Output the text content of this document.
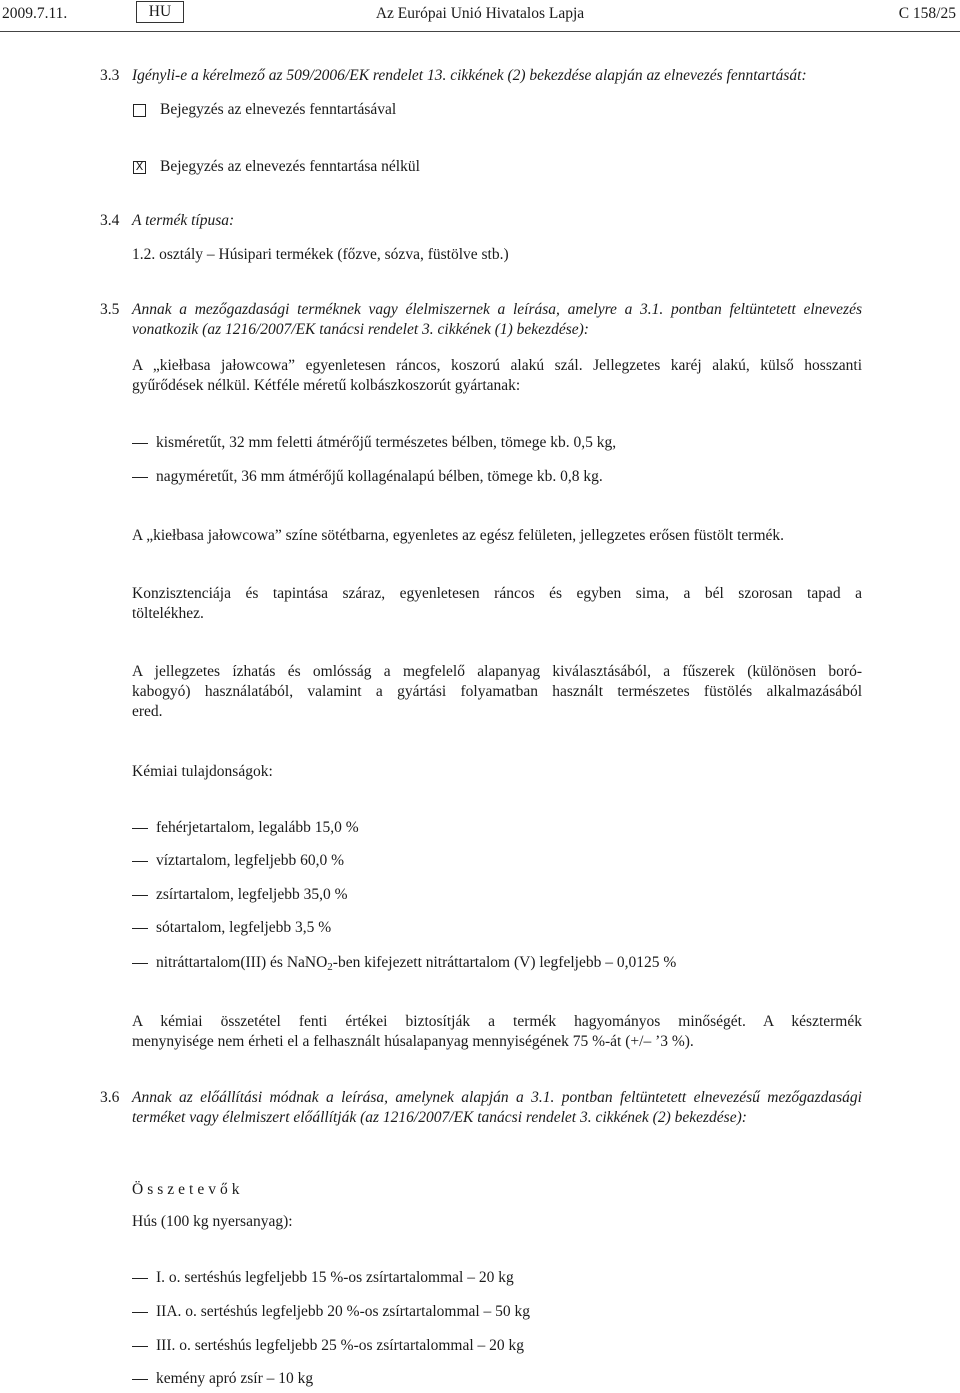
2009.7.11.	HU	Az Európai Unió Hivatalos Lapja	C 158/25
3.3 Igényli-e a kérelmező az 509/2006/EK rendelet 13. cikkének (2) bekezdése alapján az elnevezés fenntartását:
Bejegyzés az elnevezés fenntartásával
X Bejegyzés az elnevezés fenntartása nélkül
3.4 A termék típusa:
1.2. osztály – Húsipari termékek (főzve, sózva, füstölve stb.)
3.5 Annak a mezőgazdasági terméknek vagy élelmiszernek a leírása, amelyre a 3.1. pontban feltüntetett elnevezés
vonatkozik (az 1216/2007/EK tanácsi rendelet 3. cikkének (1) bekezdése):
A „kiełbasa jałowcowa” egyenletesen ráncos, koszorú alakú szál. Jellegzetes karéj alakú, külső hosszanti
gyűrődések nélkül. Kétféle méretű kolbászkoszorút gyártanak:
kisméretűt, 32 mm feletti átmérőjű természetes bélben, tömege kb. 0,5 kg,
nagyméretűt, 36 mm átmérőjű kollagénalapú bélben, tömege kb. 0,8 kg.
A „kiełbasa jałowcowa” színe sötétbarna, egyenletes az egész felületen, jellegzetes erősen füstölt termék.
Konzisztenciája és tapintása száraz, egyenletesen ráncos és egyben sima, a bél szorosan tapad a
töltelékhez.
A jellegzetes ízhatás és omlósság a megfelelő alapanyag kiválasztásából, a fűszerek (különösen boró-
kabogyó) használatából, valamint a gyártási folyamatban használt természetes füstölés alkalmazásából
ered.
Kémiai tulajdonságok:
fehérjetartalom, legalább 15,0 %
víztartalom, legfeljebb 60,0 %
zsírtartalom, legfeljebb 35,0 %
sótartalom, legfeljebb 3,5 %
nitráttartalom(III) és NaNO$_2$-ben kifejezett nitráttartalom (V) legfeljebb – 0,0125 %
A kémiai összetétel fenti értékei biztosítják a termék hagyományos minőségét. A késztermék
menynyisége nem érheti el a felhasznált húsalapanyag mennyiségének 75 %-át (+/– ’3 %).
3.6 Annak az előállítási módnak a leírása, amelynek alapján a 3.1. pontban feltüntetett elnevezésű mezőgazdasági
terméket vagy élelmiszert előállítják (az 1216/2007/EK tanácsi rendelet 3. cikkének (2) bekezdése):
Összetevők
Hús (100 kg nyersanyag):
I. o. sertéshús legfeljebb 15 %-os zsírtartalommal – 20 kg
IIA. o. sertéshús legfeljebb 20 %-os zsírtartalommal – 50 kg
III. o. sertéshús legfeljebb 25 %-os zsírtartalommal – 20 kg
kemény apró zsír – 10 kg
